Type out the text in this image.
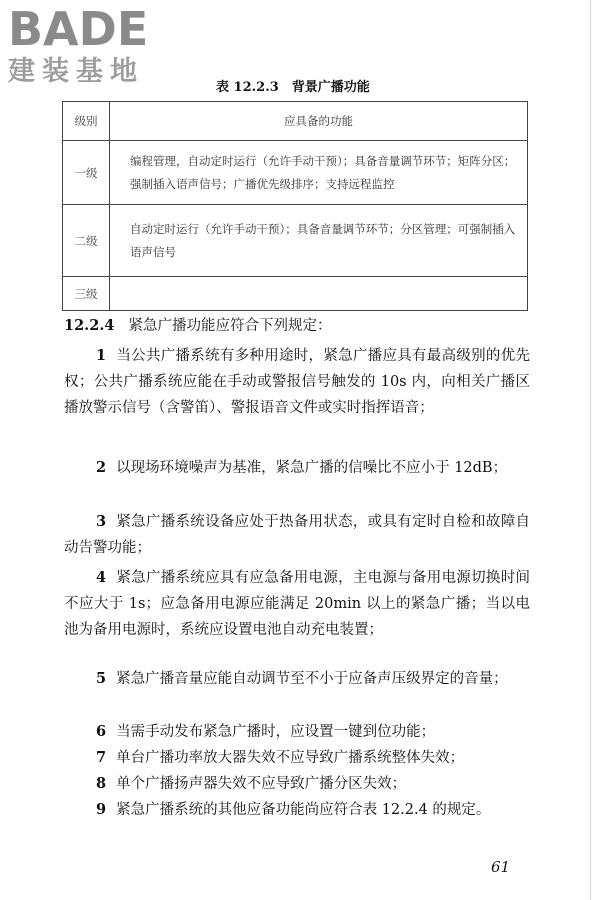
BADE
建装基地
表 12.2.3　背景广播功能
级别	应具备的功能
一级	编程管理，自动定时运行（允许手动干预）；具备音量调节环节；矩阵分区；强制插入语声信号；广播优先级排序；支持远程监控

二级	自动定时运行（允许手动干预）；具备音量调节环节；分区管理；可强制插入语声信号

三级	
12.2.4 紧急广播功能应符合下列规定：
1 当公共广播系统有多种用途时，紧急广播应具有最高级别的优先权；公共广播系统应能在手动或警报信号触发的 10s 内，向相关广播区播放警示信号（含警笛）、警报语音文件或实时指挥语音；
2 以现场环境噪声为基准，紧急广播的信噪比不应小于 12dB；
3 紧急广播系统设备应处于热备用状态，或具有定时自检和故障自动告警功能；
4 紧急广播系统应具有应急备用电源，主电源与备用电源切换时间不应大于 1s；应急备用电源应能满足 20min 以上的紧急广播；当以电池为备用电源时，系统应设置电池自动充电装置；
5 紧急广播音量应能自动调节至不小于应备声压级界定的音量；
6 当需手动发布紧急广播时，应设置一键到位功能；
7 单台广播功率放大器失效不应导致广播系统整体失效；
8 单个广播扬声器失效不应导致广播分区失效；
9 紧急广播系统的其他应备功能尚应符合表 12.2.4 的规定。
61
